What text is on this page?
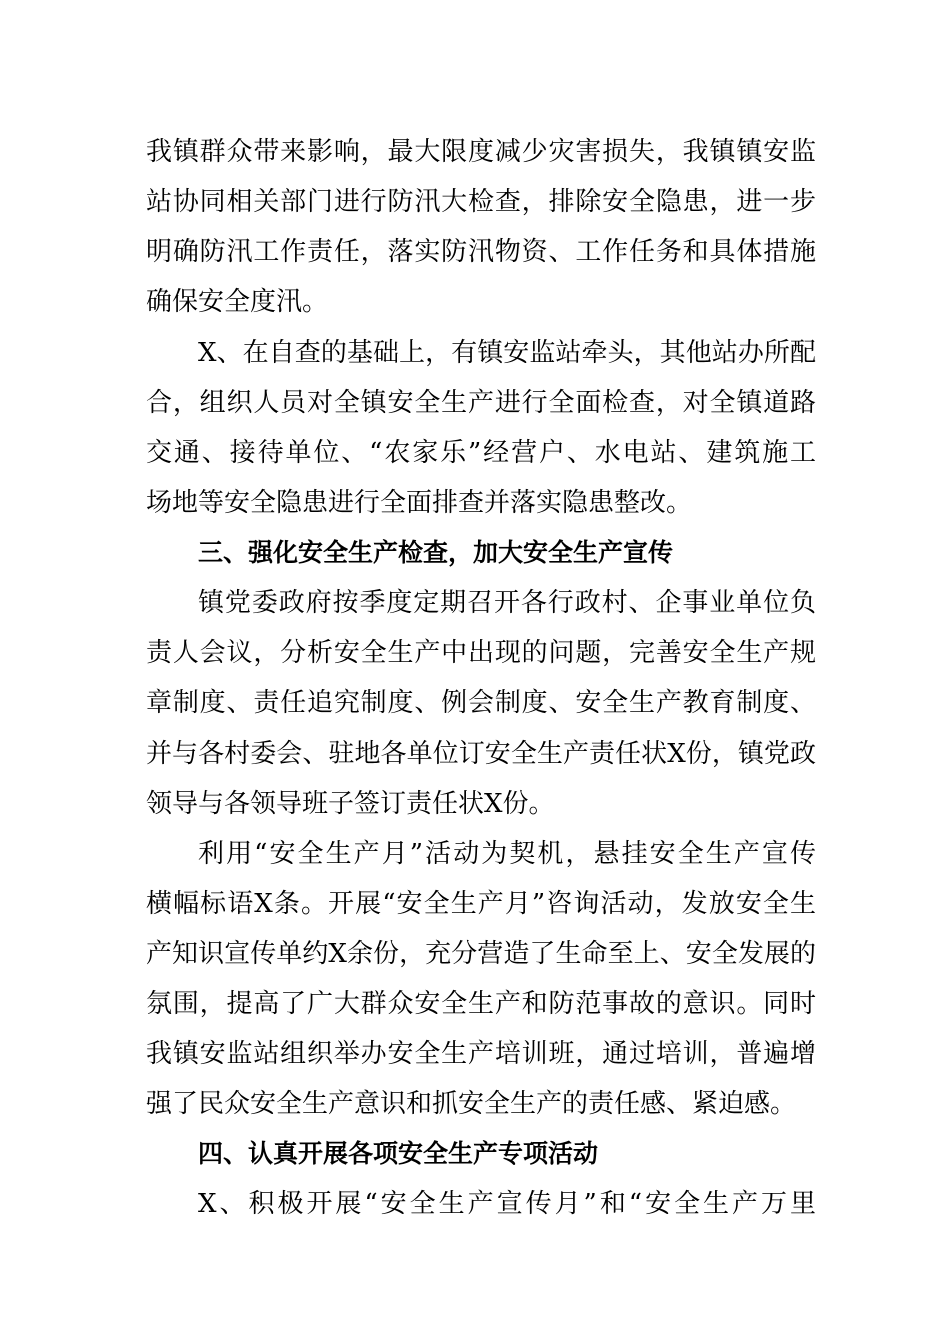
我镇群众带来影响，最大限度减少灾害损失，我镇镇安监
站协同相关部门进行防汛大检查，排除安全隐患，进一步
明确防汛工作责任，落实防汛物资、工作任务和具体措施
确保安全度汛。
X、在自查的基础上，有镇安监站牵头，其他站办所配
合，组织人员对全镇安全生产进行全面检查，对全镇道路
交通、接待单位、“农家乐”经营户、水电站、建筑施工
场地等安全隐患进行全面排查并落实隐患整改。
三、强化安全生产检查，加大安全生产宣传
镇党委政府按季度定期召开各行政村、企事业单位负
责人会议，分析安全生产中出现的问题，完善安全生产规
章制度、责任追究制度、例会制度、安全生产教育制度、
并与各村委会、驻地各单位订安全生产责任状X份，镇党政
领导与各领导班子签订责任状X份。
利用“安全生产月”活动为契机，悬挂安全生产宣传
横幅标语X条。开展“安全生产月”咨询活动，发放安全生
产知识宣传单约X余份，充分营造了生命至上、安全发展的
氛围，提高了广大群众安全生产和防范事故的意识。同时
我镇安监站组织举办安全生产培训班，通过培训，普遍增
强了民众安全生产意识和抓安全生产的责任感、紧迫感。
四、认真开展各项安全生产专项活动
X、积极开展“安全生产宣传月”和“安全生产万里
